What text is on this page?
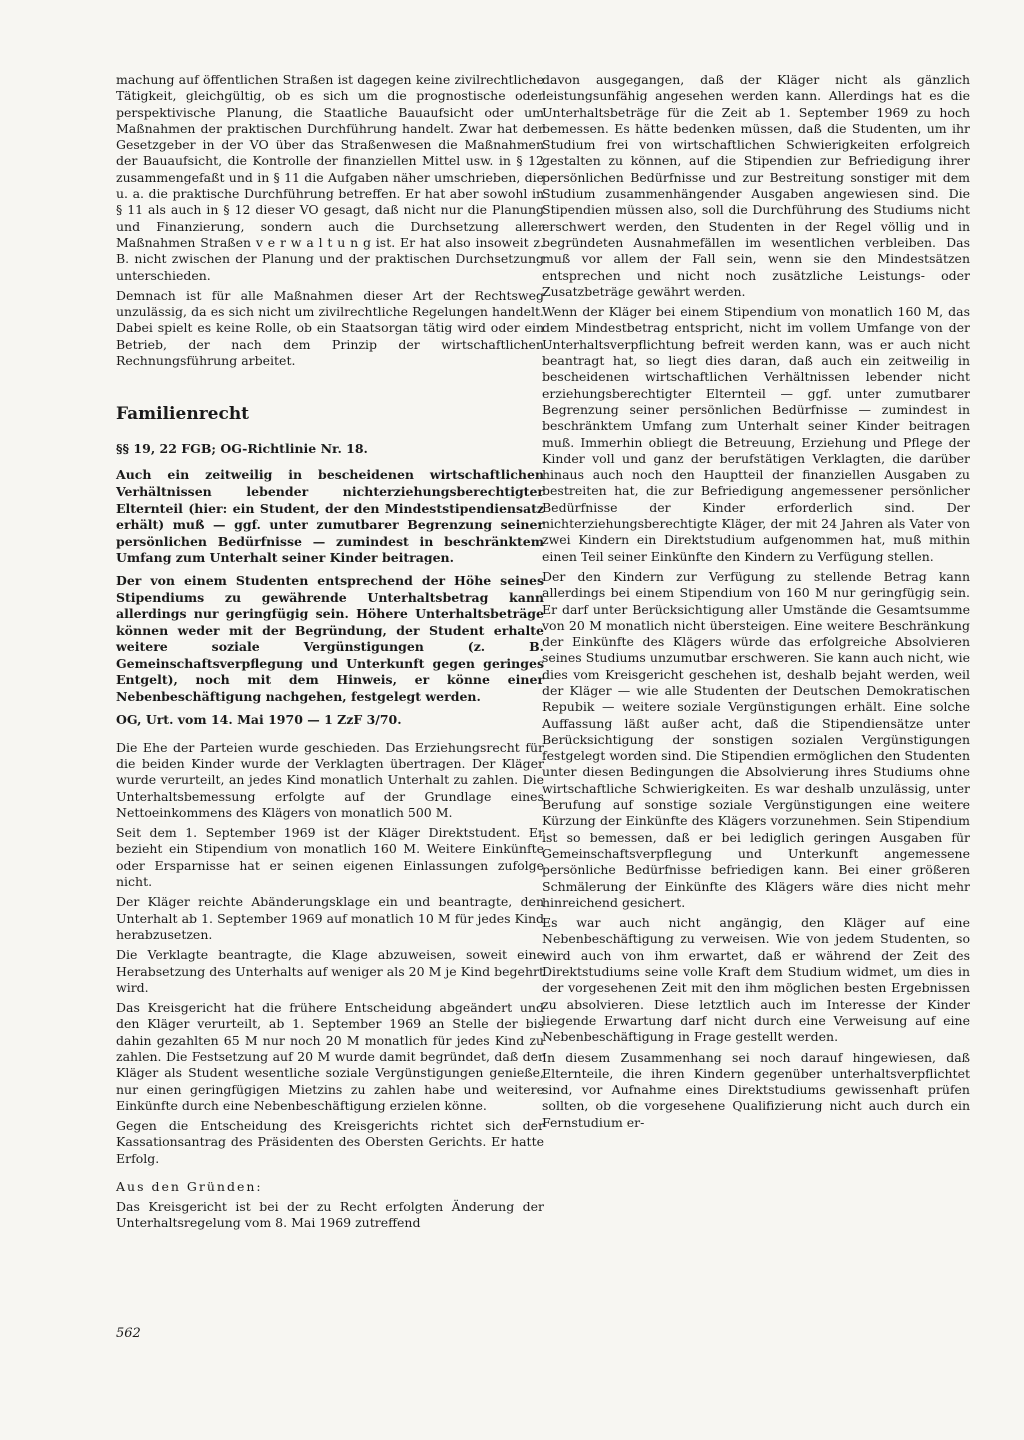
machung auf öffentlichen Straßen ist dagegen keine zivilrechtliche Tätigkeit, gleichgültig, ob es sich um die prognostische oder perspektivische Planung, die Staatliche Bauaufsicht oder um Maßnahmen der praktischen Durchführung handelt. Zwar hat der Gesetzgeber in der VO über das Straßenwesen die Maßnahmen der Bauaufsicht, die Kontrolle der finanziellen Mittel usw. in § 12 zusammengefaßt und in § 11 die Aufgaben näher umschrieben, die u. a. die praktische Durchführung betreffen. Er hat aber sowohl in § 11 als auch in § 12 dieser VO gesagt, daß nicht nur die Planung und Finanzierung, sondern auch die Durchsetzung aller Maßnahmen Straßen v e r w a l t u n g ist. Er hat also insoweit z. B. nicht zwischen der Planung und der praktischen Durchsetzung unterschieden.

Demnach ist für alle Maßnahmen dieser Art der Rechtsweg unzulässig, da es sich nicht um zivilrechtliche Regelungen handelt. Dabei spielt es keine Rolle, ob ein Staatsorgan tätig wird oder ein Betrieb, der nach dem Prinzip der wirtschaftlichen Rechnungsführung arbeitet.

Familienrecht
§§ 19, 22 FGB; OG-Richtlinie Nr. 18.

Auch ein zeitweilig in bescheidenen wirtschaftlichen Verhältnissen lebender nichterziehungsberechtigter Elternteil (hier: ein Student, der den Mindeststipendiensatz erhält) muß — ggf. unter zumutbarer Begrenzung seiner persönlichen Bedürfnisse — zumindest in beschränktem Umfang zum Unterhalt seiner Kinder beitragen.

Der von einem Studenten entsprechend der Höhe seines Stipendiums zu gewährende Unterhaltsbetrag kann allerdings nur geringfügig sein. Höhere Unterhaltsbeträge können weder mit der Begründung, der Student erhalte weitere soziale Vergünstigungen (z. B. Gemeinschaftsverpflegung und Unterkunft gegen geringes Entgelt), noch mit dem Hinweis, er könne einer Nebenbeschäftigung nachgehen, festgelegt werden.

OG, Urt. vom 14. Mai 1970 — 1 ZzF 3/70.

Die Ehe der Parteien wurde geschieden. Das Erziehungsrecht für die beiden Kinder wurde der Verklagten übertragen. Der Kläger wurde verurteilt, an jedes Kind monatlich Unterhalt zu zahlen. Die Unterhaltsbemessung erfolgte auf der Grundlage eines Nettoeinkommens des Klägers von monatlich 500 M.

Seit dem 1. September 1969 ist der Kläger Direktstudent. Er bezieht ein Stipendium von monatlich 160 M. Weitere Einkünfte oder Ersparnisse hat er seinen eigenen Einlassungen zufolge nicht.

Der Kläger reichte Abänderungsklage ein und beantragte, den Unterhalt ab 1. September 1969 auf monatlich 10 M für jedes Kind herabzusetzen.

Die Verklagte beantragte, die Klage abzuweisen, soweit eine Herabsetzung des Unterhalts auf weniger als 20 M je Kind begehrt wird.

Das Kreisgericht hat die frühere Entscheidung abgeändert und den Kläger verurteilt, ab 1. September 1969 an Stelle der bis dahin gezahlten 65 M nur noch 20 M monatlich für jedes Kind zu zahlen. Die Festsetzung auf 20 M wurde damit begründet, daß der Kläger als Student wesentliche soziale Vergünstigungen genieße, nur einen geringfügigen Mietzins zu zahlen habe und weitere Einkünfte durch eine Nebenbeschäftigung erzielen könne.

Gegen die Entscheidung des Kreisgerichts richtet sich der Kassationsantrag des Präsidenten des Obersten Gerichts. Er hatte Erfolg.

Aus den Gründen:

Das Kreisgericht ist bei der zu Recht erfolgten Änderung der Unterhaltsregelung vom 8. Mai 1969 zutreffend

davon ausgegangen, daß der Kläger nicht als gänzlich leistungsunfähig angesehen werden kann. Allerdings hat es die Unterhaltsbeträge für die Zeit ab 1. September 1969 zu hoch bemessen. Es hätte bedenken müssen, daß die Studenten, um ihr Studium frei von wirtschaftlichen Schwierigkeiten erfolgreich gestalten zu können, auf die Stipendien zur Befriedigung ihrer persönlichen Bedürfnisse und zur Bestreitung sonstiger mit dem Studium zusammenhängender Ausgaben angewiesen sind. Die Stipendien müssen also, soll die Durchführung des Studiums nicht erschwert werden, den Studenten in der Regel völlig und in begründeten Ausnahmefällen im wesentlichen verbleiben. Das muß vor allem der Fall sein, wenn sie den Mindestsätzen entsprechen und nicht noch zusätzliche Leistungs- oder Zusatzbeträge gewährt werden.

Wenn der Kläger bei einem Stipendium von monatlich 160 M, das dem Mindestbetrag entspricht, nicht im vollem Umfange von der Unterhaltsverpflichtung befreit werden kann, was er auch nicht beantragt hat, so liegt dies daran, daß auch ein zeitweilig in bescheidenen wirtschaftlichen Verhältnissen lebender nicht erziehungsberechtigter Elternteil — ggf. unter zumutbarer Begrenzung seiner persönlichen Bedürfnisse — zumindest in beschränktem Umfang zum Unterhalt seiner Kinder beitragen muß. Immerhin obliegt die Betreuung, Erziehung und Pflege der Kinder voll und ganz der berufstätigen Verklagten, die darüber hinaus auch noch den Hauptteil der finanziellen Ausgaben zu bestreiten hat, die zur Befriedigung angemessener persönlicher Bedürfnisse der Kinder erforderlich sind. Der nichterziehungsberechtigte Kläger, der mit 24 Jahren als Vater von zwei Kindern ein Direktstudium aufgenommen hat, muß mithin einen Teil seiner Einkünfte den Kindern zu Verfügung stellen.

Der den Kindern zur Verfügung zu stellende Betrag kann allerdings bei einem Stipendium von 160 M nur geringfügig sein. Er darf unter Berücksichtigung aller Umstände die Gesamtsumme von 20 M monatlich nicht übersteigen. Eine weitere Beschränkung der Einkünfte des Klägers würde das erfolgreiche Absolvieren seines Studiums unzumutbar erschweren. Sie kann auch nicht, wie dies vom Kreisgericht geschehen ist, deshalb bejaht werden, weil der Kläger — wie alle Studenten der Deutschen Demokratischen Repubik — weitere soziale Vergünstigungen erhält. Eine solche Auffassung läßt außer acht, daß die Stipendiensätze unter Berücksichtigung der sonstigen sozialen Vergünstigungen festgelegt worden sind. Die Stipendien ermöglichen den Studenten unter diesen Bedingungen die Absolvierung ihres Studiums ohne wirtschaftliche Schwierigkeiten. Es war deshalb unzulässig, unter Berufung auf sonstige soziale Vergünstigungen eine weitere Kürzung der Einkünfte des Klägers vorzunehmen. Sein Stipendium ist so bemessen, daß er bei lediglich geringen Ausgaben für Gemeinschaftsverpflegung und Unterkunft angemessene persönliche Bedürfnisse befriedigen kann. Bei einer größeren Schmälerung der Einkünfte des Klägers wäre dies nicht mehr hinreichend gesichert.

Es war auch nicht angängig, den Kläger auf eine Nebenbeschäftigung zu verweisen. Wie von jedem Studenten, so wird auch von ihm erwartet, daß er während der Zeit des Direktstudiums seine volle Kraft dem Studium widmet, um dies in der vorgesehenen Zeit mit den ihm möglichen besten Ergebnissen zu absolvieren. Diese letztlich auch im Interesse der Kinder liegende Erwartung darf nicht durch eine Verweisung auf eine Nebenbeschäftigung in Frage gestellt werden.

In diesem Zusammenhang sei noch darauf hingewiesen, daß Elternteile, die ihren Kindern gegenüber unterhaltsverpflichtet sind, vor Aufnahme eines Direktstudiums gewissenhaft prüfen sollten, ob die vorgesehene Qualifizierung nicht auch durch ein Fernstudium er-

562
